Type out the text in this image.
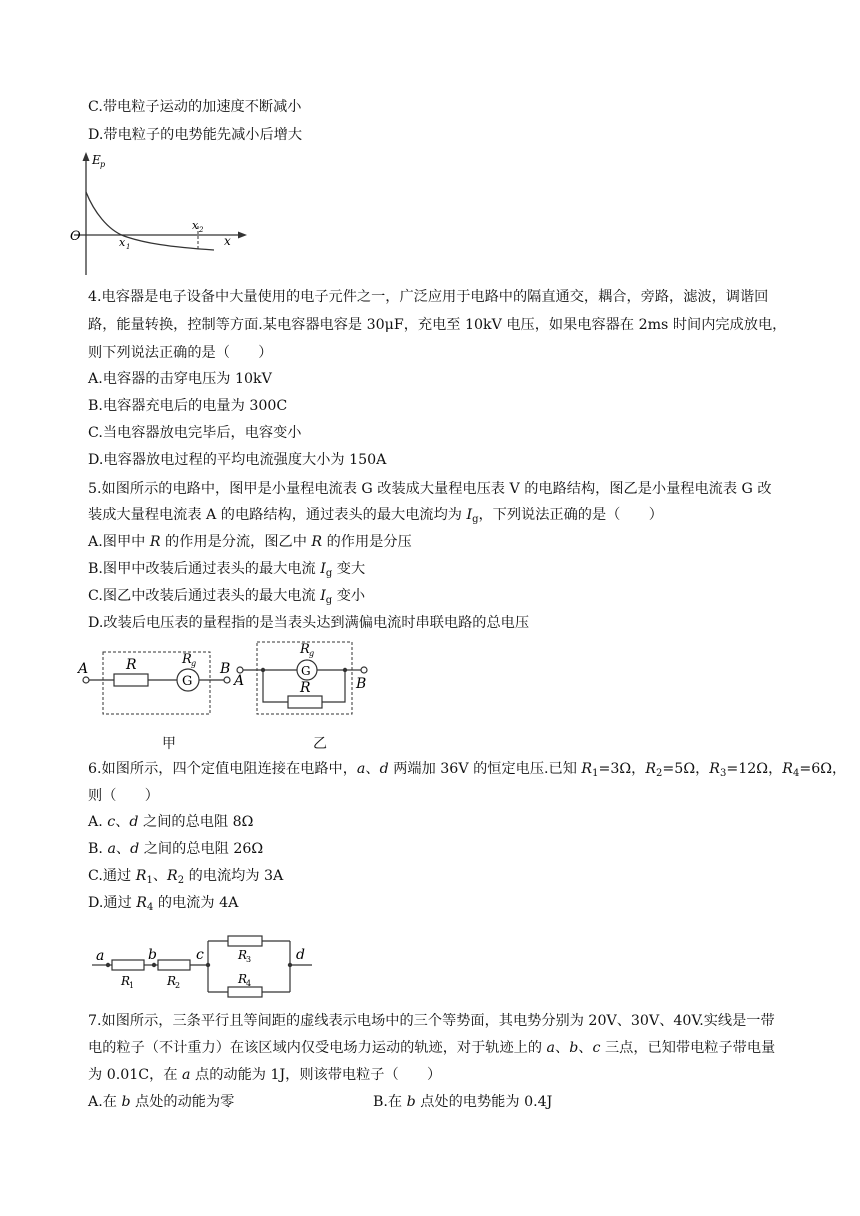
C.带电粒子运动的加速度不断减小
D.带电粒子的电势能先减小后增大
E p
O	x
x 1
x 2
4.电容器是电子设备中大量使用的电子元件之一，广泛应用于电路中的隔直通交，耦合，旁路，滤波，调谐回
路，能量转换，控制等方面.某电容器电容是 30μF，充电至 10kV 电压，如果电容器在 2ms 时间内完成放电，
则下列说法正确的是（　　）
A.电容器的击穿电压为 10kV
B.电容器充电后的电量为 300C
C.当电容器放电完毕后，电容变小
D.电容器放电过程的平均电流强度大小为 150A
5.如图所示的电路中，图甲是小量程电流表 G 改装成大量程电压表 V 的电路结构，图乙是小量程电流表 G 改
装成大量程电流表 A 的电路结构，通过表头的最大电流均为 $I_g$，下列说法正确的是（　　）
A.图甲中 R 的作用是分流，图乙中 R 的作用是分压
B.图甲中改装后通过表头的最大电流 $I_g$ 变大
C.图乙中改装后通过表头的最大电流 $I_g$ 变小
D.改装后电压表的量程指的是当表头达到满偏电流时串联电路的总电压
A	B
R	R g
G
甲
A	B
R g
G
R
乙
6.如图所示，四个定值电阻连接在电路中，a、d 两端加 36V 的恒定电压.已知 $R_1=3\Omega$，$R_2=5\Omega$，$R_3=12\Omega$，$R_4=6\Omega$，
则（　　）
A. c、d 之间的总电阻 8Ω
B. a、d 之间的总电阻 26Ω
C.通过 $R_1$、$R_2$ 的电流均为 3A
D.通过 $R_4$ 的电流为 4A
a	b	c	d
R
1	R
2
R
3
R
4
7.如图所示，三条平行且等间距的虚线表示电场中的三个等势面，其电势分别为 20V、30V、40V.实线是一带
电的粒子（不计重力）在该区域内仅受电场力运动的轨迹，对于轨迹上的 a、b、c 三点，已知带电粒子带电量
为 0.01C，在 a 点的动能为 1J，则该带电粒子（　　）
A.在 b 点处的动能为零	B.在 b 点处的电势能为 0.4J
